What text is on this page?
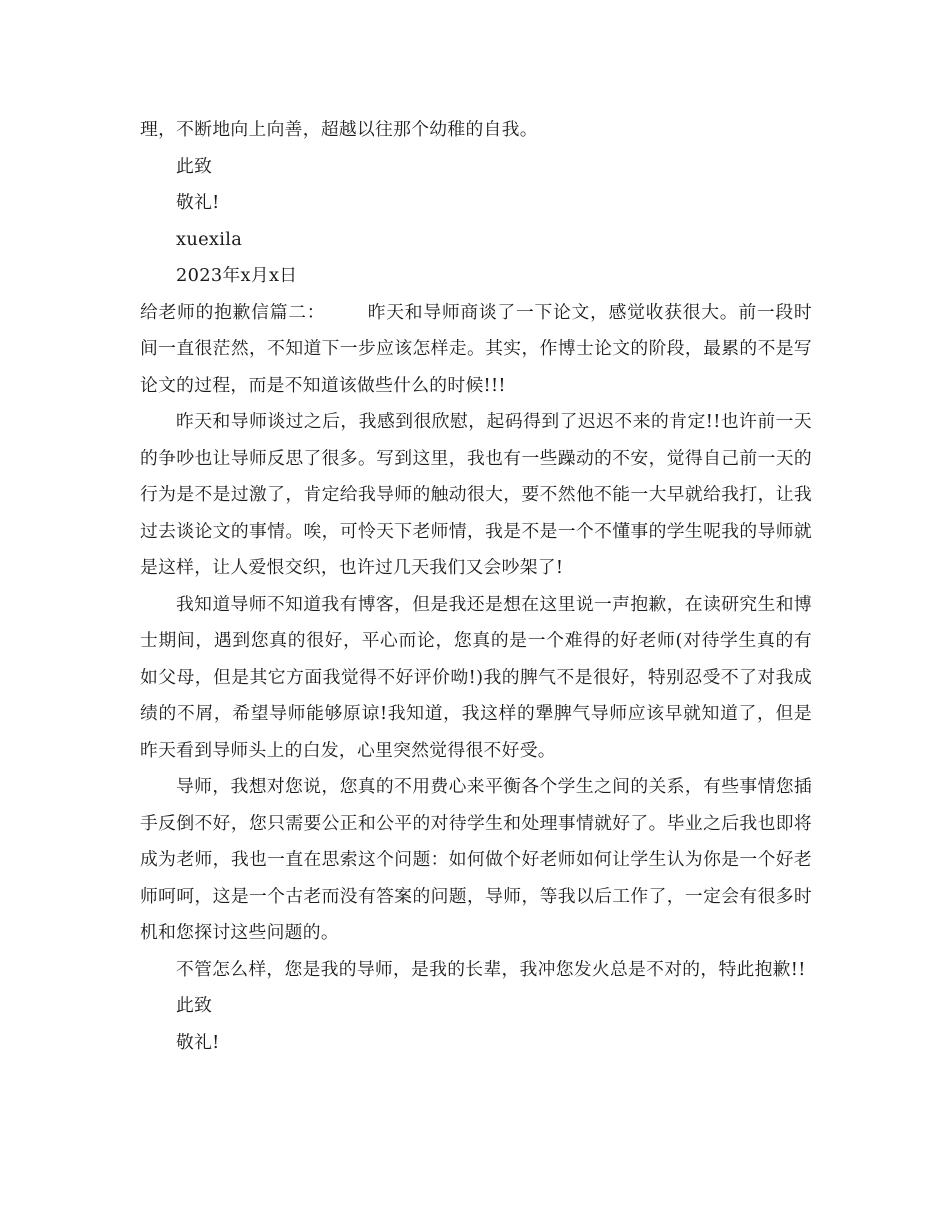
理，不断地向上向善，超越以往那个幼稚的自我。

此致

敬礼!

xuexila

2023年x月x日

给老师的抱歉信篇二： 昨天和导师商谈了一下论文，感觉收获很大。前一段时间一直很茫然，不知道下一步应该怎样走。其实，作博士论文的阶段，最累的不是写论文的过程，而是不知道该做些什么的时候!!!

昨天和导师谈过之后，我感到很欣慰，起码得到了迟迟不来的肯定!!也许前一天的争吵也让导师反思了很多。写到这里，我也有一些躁动的不安，觉得自己前一天的行为是不是过激了，肯定给我导师的触动很大，要不然他不能一大早就给我打，让我过去谈论文的事情。唉，可怜天下老师情，我是不是一个不懂事的学生呢我的导师就是这样，让人爱恨交织，也许过几天我们又会吵架了!

我知道导师不知道我有博客，但是我还是想在这里说一声抱歉，在读研究生和博士期间，遇到您真的很好，平心而论，您真的是一个难得的好老师(对待学生真的有如父母，但是其它方面我觉得不好评价呦!)我的脾气不是很好，特别忍受不了对我成绩的不屑，希望导师能够原谅!我知道，我这样的犟脾气导师应该早就知道了，但是昨天看到导师头上的白发，心里突然觉得很不好受。

导师，我想对您说，您真的不用费心来平衡各个学生之间的关系，有些事情您插手反倒不好，您只需要公正和公平的对待学生和处理事情就好了。毕业之后我也即将成为老师，我也一直在思索这个问题：如何做个好老师如何让学生认为你是一个好老师呵呵，这是一个古老而没有答案的问题，导师，等我以后工作了，一定会有很多时机和您探讨这些问题的。

不管怎么样，您是我的导师，是我的长辈，我冲您发火总是不对的，特此抱歉!!

此致

敬礼!
